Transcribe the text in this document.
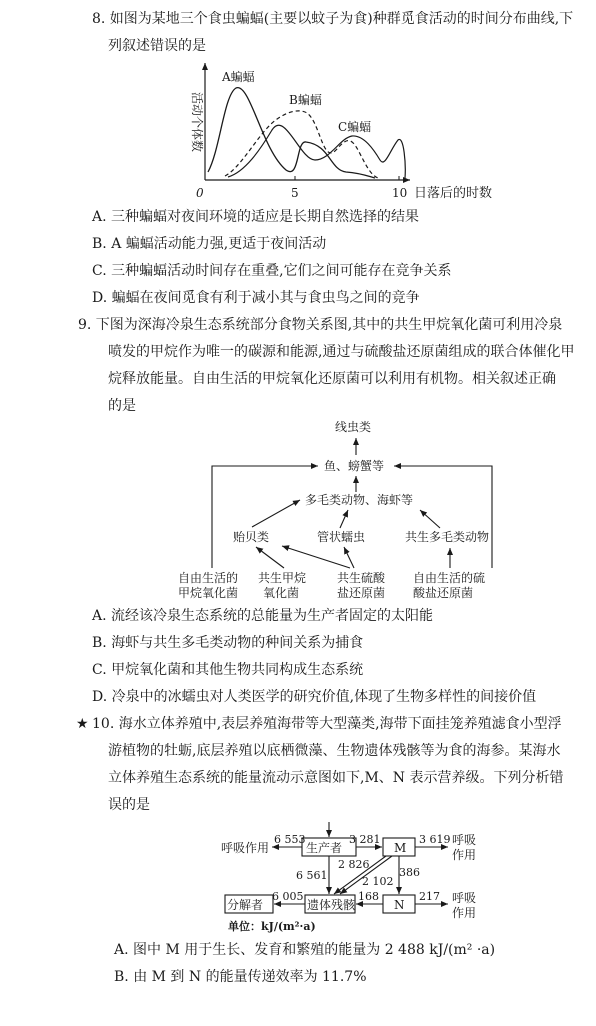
8. 如图为某地三个食虫蝙蝠(主要以蚊子为食)种群觅食活动的时间分布曲线,下
列叙述错误的是
活动个体数
0	5	10 日落后的时数
A蝙蝠
B蝙蝠
C蝙蝠
线虫类
鱼、螃蟹等
多毛类动物、海虾等
贻贝类	管状蠕虫	共生多毛类动物
自由生活的
甲烷氧化菌
共生甲烷
氧化菌
共生硫酸
盐还原菌
自由生活的硫
酸盐还原菌
呼吸作用	生产者	M
N
分解者	遗体残骸
呼吸
作用
呼吸
作用
单位：kJ/(m²·a)
6 553	3 281	3 619
6 561
2 826
2 102
386
6 005	168	217
A. 三种蝙蝠对夜间环境的适应是长期自然选择的结果
B. A 蝙蝠活动能力强,更适于夜间活动
C. 三种蝙蝠活动时间存在重叠,它们之间可能存在竞争关系
D. 蝙蝠在夜间觅食有利于减小其与食虫鸟之间的竞争
9. 下图为深海冷泉生态系统部分食物关系图,其中的共生甲烷氧化菌可利用冷泉
喷发的甲烷作为唯一的碳源和能源,通过与硫酸盐还原菌组成的联合体催化甲
烷释放能量。自由生活的甲烷氧化还原菌可以利用有机物。相关叙述正确
的是
A. 流经该冷泉生态系统的总能量为生产者固定的太阳能
B. 海虾与共生多毛类动物的种间关系为捕食
C. 甲烷氧化菌和其他生物共同构成生态系统
D. 冷泉中的冰蠕虫对人类医学的研究价值,体现了生物多样性的间接价值
★ 10. 海水立体养殖中,表层养殖海带等大型藻类,海带下面挂笼养殖滤食小型浮
游植物的牡蛎,底层养殖以底栖微藻、生物遗体残骸等为食的海参。某海水
立体养殖生态系统的能量流动示意图如下,M、N 表示营养级。下列分析错
误的是
A. 图中 M 用于生长、发育和繁殖的能量为 2 488 kJ/(m² ·a)
B. 由 M 到 N 的能量传递效率为 11.7%
